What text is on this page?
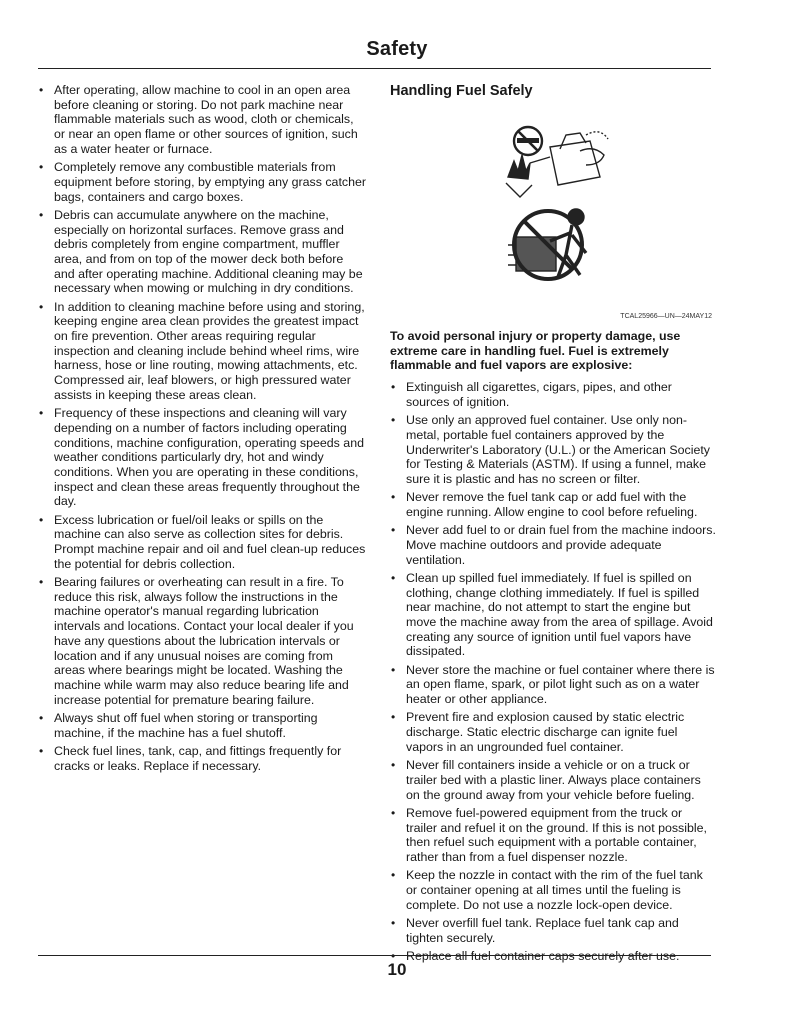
Safety
• After operating, allow machine to cool in an open area before cleaning or storing. Do not park machine near flammable materials such as wood, cloth or chemicals, or near an open flame or other sources of ignition, such as a water heater or furnace.
• Completely remove any combustible materials from equipment before storing, by emptying any grass catcher bags, containers and cargo boxes.
• Debris can accumulate anywhere on the machine, especially on horizontal surfaces. Remove grass and debris completely from engine compartment, muffler area, and from on top of the mower deck both before and after operating machine. Additional cleaning may be necessary when mowing or mulching in dry conditions.
• In addition to cleaning machine before using and storing, keeping engine area clean provides the greatest impact on fire prevention. Other areas requiring regular inspection and cleaning include behind wheel rims, wire harness, hose or line routing, mowing attachments, etc. Compressed air, leaf blowers, or high pressured water assists in keeping these areas clean.
• Frequency of these inspections and cleaning will vary depending on a number of factors including operating conditions, machine configuration, operating speeds and weather conditions particularly dry, hot and windy conditions. When you are operating in these conditions, inspect and clean these areas frequently throughout the day.
• Excess lubrication or fuel/oil leaks or spills on the machine can also serve as collection sites for debris. Prompt machine repair and oil and fuel clean-up reduces the potential for debris collection.
• Bearing failures or overheating can result in a fire. To reduce this risk, always follow the instructions in the machine operator's manual regarding lubrication intervals and locations. Contact your local dealer if you have any questions about the lubrication intervals or location and if any unusual noises are coming from areas where bearings might be located. Washing the machine while warm may also reduce bearing life and increase potential for premature bearing failure.
• Always shut off fuel when storing or transporting machine, if the machine has a fuel shutoff.
• Check fuel lines, tank, cap, and fittings frequently for cracks or leaks. Replace if necessary.
Handling Fuel Safely
TCAL25966—UN—24MAY12
To avoid personal injury or property damage, use extreme care in handling fuel. Fuel is extremely flammable and fuel vapors are explosive:
• Extinguish all cigarettes, cigars, pipes, and other sources of ignition.
• Use only an approved fuel container. Use only non-metal, portable fuel containers approved by the Underwriter's Laboratory (U.L.) or the American Society for Testing & Materials (ASTM). If using a funnel, make sure it is plastic and has no screen or filter.
• Never remove the fuel tank cap or add fuel with the engine running. Allow engine to cool before refueling.
• Never add fuel to or drain fuel from the machine indoors. Move machine outdoors and provide adequate ventilation.
• Clean up spilled fuel immediately. If fuel is spilled on clothing, change clothing immediately. If fuel is spilled near machine, do not attempt to start the engine but move the machine away from the area of spillage. Avoid creating any source of ignition until fuel vapors have dissipated.
• Never store the machine or fuel container where there is an open flame, spark, or pilot light such as on a water heater or other appliance.
• Prevent fire and explosion caused by static electric discharge. Static electric discharge can ignite fuel vapors in an ungrounded fuel container.
• Never fill containers inside a vehicle or on a truck or trailer bed with a plastic liner. Always place containers on the ground away from your vehicle before fueling.
• Remove fuel-powered equipment from the truck or trailer and refuel it on the ground. If this is not possible, then refuel such equipment with a portable container, rather than from a fuel dispenser nozzle.
• Keep the nozzle in contact with the rim of the fuel tank or container opening at all times until the fueling is complete. Do not use a nozzle lock-open device.
• Never overfill fuel tank. Replace fuel tank cap and tighten securely.
• Replace all fuel container caps securely after use.
10
